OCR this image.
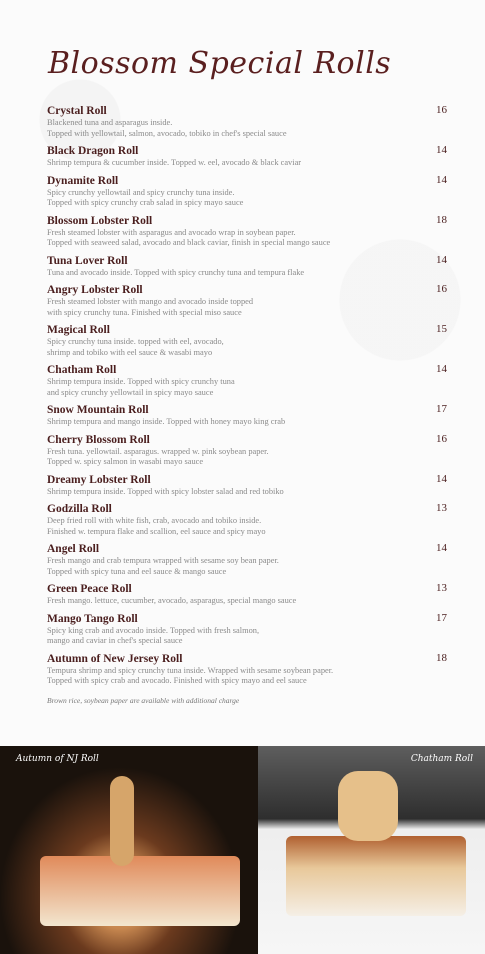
Blossom Special Rolls
Crystal Roll	16
Blackened tuna and asparagus inside.
Topped with yellowtail, salmon, avocado, tobiko in chef's special sauce
Black Dragon Roll	14
Shrimp tempura & cucumber inside. Topped w. eel, avocado & black caviar
Dynamite Roll	14
Spicy crunchy yellowtail and spicy crunchy tuna inside.
Topped with spicy crunchy crab salad in spicy mayo sauce
Blossom Lobster Roll	18
Fresh steamed lobster with asparagus and avocado wrap in soybean paper.
Topped with seaweed salad, avocado and black caviar, finish in special mango sauce
Tuna Lover Roll	14
Tuna and avocado inside. Topped with spicy crunchy tuna and tempura flake
Angry Lobster Roll	16
Fresh steamed lobster with mango and avocado inside topped
with spicy crunchy tuna. Finished with special miso sauce
Magical Roll	15
Spicy crunchy tuna inside. topped with eel, avocado,
shrimp and tobiko with eel sauce & wasabi mayo
Chatham Roll	14
Shrimp tempura inside. Topped with spicy crunchy tuna
and spicy crunchy yellowtail in spicy mayo sauce
Snow Mountain Roll	17
Shrimp tempura and mango inside. Topped with honey mayo king crab
Cherry Blossom Roll	16
Fresh tuna. yellowtail. asparagus. wrapped w. pink soybean paper.
Topped w. spicy salmon in wasabi mayo sauce
Dreamy Lobster Roll	14
Shrimp tempura inside. Topped with spicy lobster salad and red tobiko
Godzilla Roll	13
Deep fried roll with white fish, crab, avocado and tobiko inside.
Finished w. tempura flake and scallion, eel sauce and spicy mayo
Angel Roll	14
Fresh mango and crab tempura wrapped with sesame soy bean paper.
Topped with spicy tuna and eel sauce & mango sauce
Green Peace Roll	13
Fresh mango. lettuce, cucumber, avocado, asparagus, special mango sauce
Mango Tango Roll	17
Spicy king crab and avocado inside. Topped with fresh salmon,
mango and caviar in chef's special sauce
Autumn of New Jersey Roll	18
Tempura shrimp and spicy crunchy tuna inside. Wrapped with sesame soybean paper.
Topped with spicy crab and avocado. Finished with spicy mayo and eel sauce
Brown rice, soybean paper are available with additional charge
Autumn of NJ Roll	Chatham Roll
